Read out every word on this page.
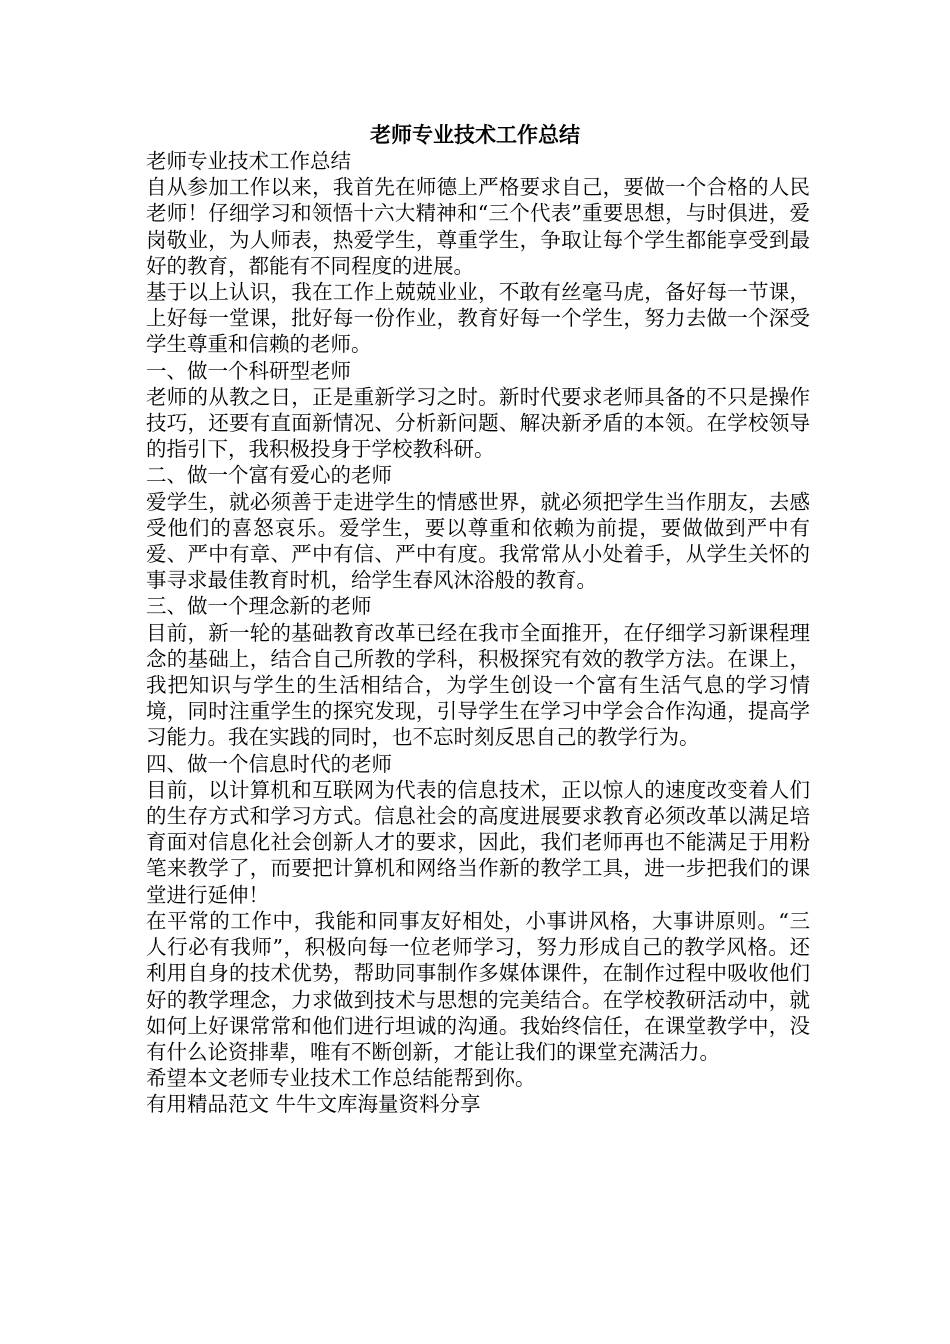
老师专业技术工作总结

老师专业技术工作总结

自从参加工作以来，我首先在师德上严格要求自己，要做一个合格的人民老师！仔细学习和领悟十六大精神和“三个代表”重要思想，与时俱进，爱岗敬业，为人师表，热爱学生，尊重学生，争取让每个学生都能享受到最好的教育，都能有不同程度的进展。

基于以上认识，我在工作上兢兢业业，不敢有丝毫马虎，备好每一节课，上好每一堂课，批好每一份作业，教育好每一个学生，努力去做一个深受学生尊重和信赖的老师。

一、做一个科研型老师

老师的从教之日，正是重新学习之时。新时代要求老师具备的不只是操作技巧，还要有直面新情况、分析新问题、解决新矛盾的本领。在学校领导的指引下，我积极投身于学校教科研。

二、做一个富有爱心的老师

爱学生，就必须善于走进学生的情感世界，就必须把学生当作朋友，去感受他们的喜怒哀乐。爱学生，要以尊重和依赖为前提，要做做到严中有爱、严中有章、严中有信、严中有度。我常常从小处着手，从学生关怀的事寻求最佳教育时机，给学生春风沐浴般的教育。

三、做一个理念新的老师

目前，新一轮的基础教育改革已经在我市全面推开，在仔细学习新课程理念的基础上，结合自己所教的学科，积极探究有效的教学方法。在课上，我把知识与学生的生活相结合，为学生创设一个富有生活气息的学习情境，同时注重学生的探究发现，引导学生在学习中学会合作沟通，提高学习能力。我在实践的同时，也不忘时刻反思自己的教学行为。

四、做一个信息时代的老师

目前，以计算机和互联网为代表的信息技术，正以惊人的速度改变着人们的生存方式和学习方式。信息社会的高度进展要求教育必须改革以满足培育面对信息化社会创新人才的要求，因此，我们老师再也不能满足于用粉笔来教学了，而要把计算机和网络当作新的教学工具，进一步把我们的课堂进行延伸！

在平常的工作中，我能和同事友好相处，小事讲风格，大事讲原则。“三人行必有我师”，积极向每一位老师学习，努力形成自己的教学风格。还利用自身的技术优势，帮助同事制作多媒体课件，在制作过程中吸收他们好的教学理念，力求做到技术与思想的完美结合。在学校教研活动中，就如何上好课常常和他们进行坦诚的沟通。我始终信任，在课堂教学中，没有什么论资排辈，唯有不断创新，才能让我们的课堂充满活力。

希望本文老师专业技术工作总结能帮到你。

有用精品范文 牛牛文库海量资料分享
